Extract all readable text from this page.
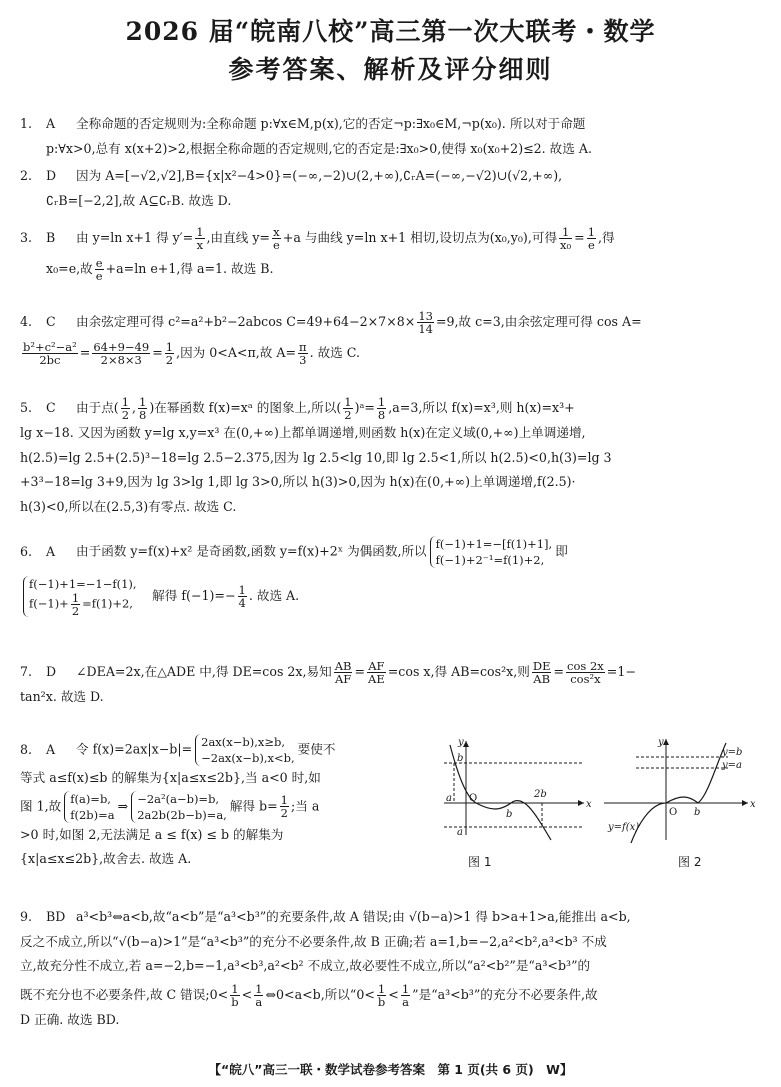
2026 届“皖南八校”高三第一次大联考・数学
参考答案、解析及评分细则

1. A 全称命题的否定规则为:全称命题 p:∀x∈M,p(x),它的否定¬p:∃x₀∈M,¬p(x₀). 所以对于命题

p:∀x>0,总有 x(x+2)>2,根据全称命题的否定规则,它的否定是:∃x₀>0,使得 x₀(x₀+2)≤2. 故选 A.

2. D 因为 A=[−√2,√2],B={x|x²−4>0}=(−∞,−2)∪(2,+∞),∁ᵣA=(−∞,−√2)∪(√2,+∞),

∁ᵣB=[−2,2],故 A⊆∁ᵣB. 故选 D.

3. B 由 y=ln x+1 得 $y'= \frac{1}{x}$ ,由直线 $y= \frac{x}{e} +a$ 与曲线 y=ln x+1 相切,设切点为(x₀,y₀),可得 $\frac{1}{\text{x₀}} = \frac{1}{e}$ ,得

x₀=e,故 $\frac{e}{e} +a=\ln$ e+1,得 a=1. 故选 B.

4. C 由余弦定理可得 c²=a²+b²−2abcos $C=49+64-2\times 7\times 8\times \frac{13}{14} =9$,故 c=3,由余弦定理可得 cos A=

$\frac{\text{b²+c²−a²}}{2bc} = \frac{64+9-49}{2\times 8\times 3} = \frac{1}{2}$ ,因为 0<A<π,故 $A= \frac{\pi}{3}$ . 故选 C.

5. C 由于点( $\frac{1}{2}$ , $\frac{1}{8}$ )在幂函数 f(x)=xᵃ 的图象上,所以( $\frac{1}{2}$ )ᵃ= $\frac{1}{8} ,a=3$,所以 f(x)=x³,则 h(x)=x³+

lg x−18. 又因为函数 y=lg x,y=x³ 在(0,+∞)上都单调递增,则函数 h(x)在定义域(0,+∞)上单调递增,

h(2.5)=lg 2.5+(2.5)³−18=lg 2.5−2.375,因为 lg 2.5<lg 10,即 lg 2.5<1,所以 h(2.5)<0,h(3)=lg 3

+3³−18=lg 3+9,因为 lg 3>lg 1,即 lg 3>0,所以 h(3)>0,因为 h(x)在(0,+∞)上单调递增,f(2.5)·

h(3)<0,所以在(2.5,3)有零点. 故选 C.

6. A 由于函数 y=f(x)+x² 是奇函数,函数 y=f(x)+2ˣ 为偶函数,所以 f(−1)+1=−[f(1)+1],
f(−1)+2⁻¹=f(1)+2,
即

f(−1)+1=−1−f(1),
$f(-1)+ \frac{1}{2} =f(1)+2$,
　解得 $f(-1)=- \frac{1}{4}$ . 故选 A.

7. D ∠DEA=2x,在△ADE 中,得 DE=cos 2x,易知 $\frac{AB}{AF} = \frac{AF}{AE} =\cos$ x,得 AB=cos²x,则 $\frac{DE}{AB} = \frac{\cos 2x}{\text{cos²x}} =1-$

tan²x. 故选 D.

8. A 令 f(x)=2ax|x−b|= 2ax(x−b),x≥b,
−2ax(x−b),x<b,
要使不

等式 a≤f(x)≤b 的解集为{x|a≤x≤2b},当 a<0 时,如

图 1,故 f(a)=b,
f(2b)=a
⇒ −2a²(a−b)=b,
2a2b(2b−b)=a,
解得 $b= \frac{1}{2}$ ;当 a

>0 时,如图 2,无法满足 a ≤ f(x) ≤ b 的解集为

{x|a≤x≤2b},故舍去. 故选 A.

y
x
b
a O	2b
a
b
y
x
O b
y=b
y=a
y=f(x)
图 1	图 2

9. BD a³<b³⇔a<b,故“a<b”是“a³<b³”的充要条件,故 A 错误;由 √(b−a)>1 得 b>a+1>a,能推出 a<b,

反之不成立,所以“√(b−a)>1”是“a³<b³”的充分不必要条件,故 B 正确;若 a=1,b=−2,a²<b²,a³<b³ 不成

立,故充分性不成立,若 a=−2,b=−1,a³<b³,a²<b² 不成立,故必要性不成立,所以“a²<b²”是“a³<b³”的

既不充分也不必要条件,故 C 错误;0< $\frac{1}{b} < \frac{1}{a}$ ⇔0<a<b,所以“$0< \frac{1}{b} < \frac{1}{a}$ ”是“a³<b³”的充分不必要条件,故

D 正确. 故选 BD.

【“皖八”高三一联・数学试卷参考答案　第 1 页(共 6 页)　W】
